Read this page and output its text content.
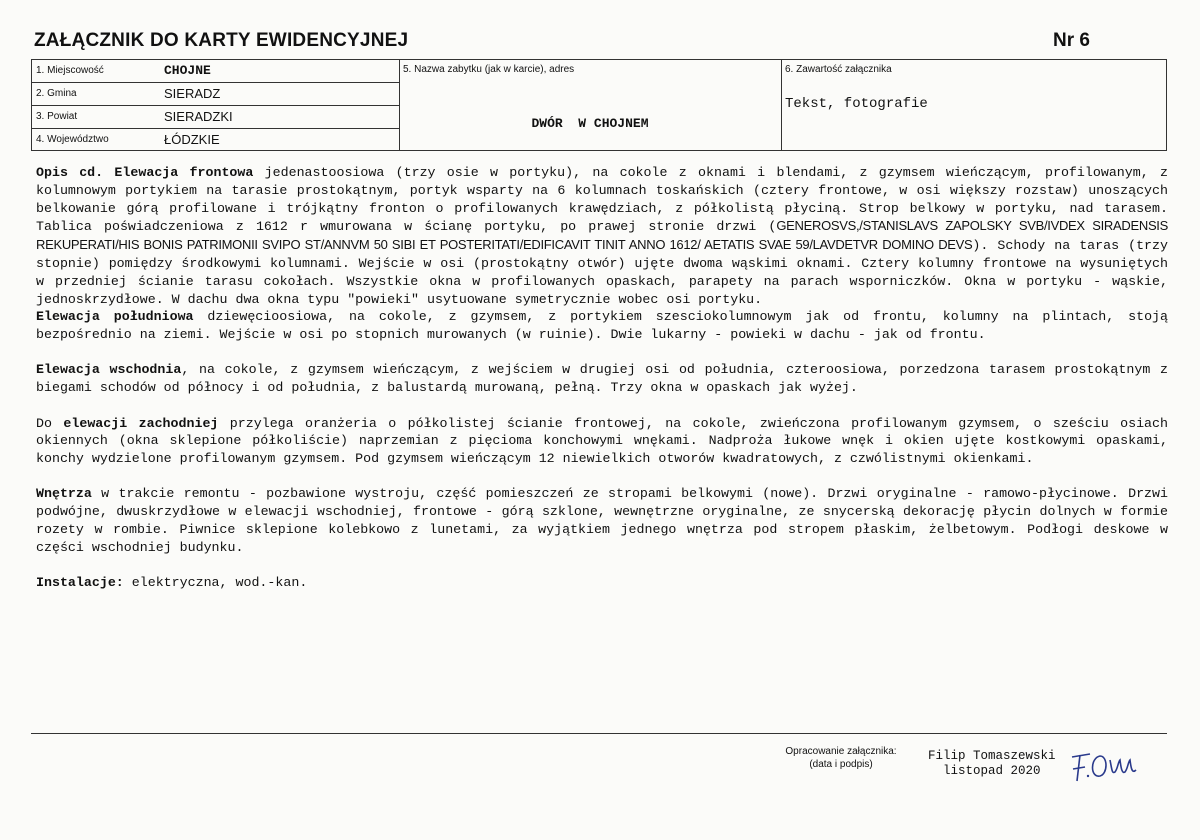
ZAŁĄCZNIK DO KARTY EWIDENCYJNEJ	Nr 6
1. Miejscowość	CHOJNE
2. Gmina	SIERADZ
3. Powiat	SIERADZKI
4. Województwo	ŁÓDZKIE
5. Nazwa zabytku (jak w karcie), adres
DWÓR  W CHOJNEM
6. Zawartość załącznika
Tekst, fotografie

Opis cd. Elewacja frontowa jedenastoosiowa (trzy osie w portyku), na cokole z oknami i blendami, z gzymsem wieńczącym, profilowanym, z kolumnowym portykiem na tarasie prostokątnym, portyk wsparty na 6 kolumnach toskańskich (cztery frontowe, w osi większy rozstaw) unoszących belkowanie górą profilowane i trójkątny fronton o profilowanych krawędziach, z półkolistą płyciną. Strop belkowy w portyku, nad tarasem. Tablica poświadczeniowa z 1612 r wmurowana w ścianę portyku, po prawej stronie drzwi (GENEROSVS,/STANISLAVS ZAPOLSKY SVB/IVDEX SIRADENSIS REKUPERATI/HIS BONIS PATRIMONII SVIPO ST/ANNVM 50 SIBI ET POSTERITATI/EDIFICAVIT TINIT ANNO 1612/ AETATIS SVAE 59/LAVDETVR DOMINO DEVS). Schody na taras (trzy stopnie) pomiędzy środkowymi kolumnami. Wejście w osi (prostokątny otwór) ujęte dwoma wąskimi oknami. Cztery kolumny frontowe na wysuniętych w przedniej ścianie tarasu cokołach. Wszystkie okna w profilowanych opaskach, parapety na parach wsporniczków. Okna w portyku - wąskie, jednoskrzydłowe. W dachu dwa okna typu "powieki" usytuowane symetrycznie wobec osi portyku.

Elewacja południowa dziewęcioosiowa, na cokole, z gzymsem, z portykiem szesciokolumnowym jak od frontu, kolumny na plintach, stoją bezpośrednio na ziemi. Wejście w osi po stopnich murowanych (w ruinie). Dwie lukarny - powieki w dachu - jak od frontu.

Elewacja wschodnia, na cokole, z gzymsem wieńczącym, z wejściem w drugiej osi od południa, czteroosiowa, porzedzona tarasem prostokątnym z biegami schodów od północy i od południa, z balustardą murowaną, pełną. Trzy okna w opaskach jak wyżej.

Do elewacji zachodniej przylega oranżeria o półkolistej ścianie frontowej, na cokole, zwieńczona profilowanym gzymsem, o sześciu osiach okiennych (okna sklepione półkoliście) naprzemian z pięcioma konchowymi wnękami. Nadproża łukowe wnęk i okien ujęte kostkowymi opaskami, konchy wydzielone profilowanym gzymsem. Pod gzymsem wieńczącym 12 niewielkich otworów kwadratowych, z czwólistnymi okienkami.

Wnętrza w trakcie remontu - pozbawione wystroju, część pomieszczeń ze stropami belkowymi (nowe). Drzwi oryginalne - ramowo-płycinowe. Drzwi podwójne, dwuskrzydłowe w elewacji wschodniej, frontowe - górą szklone, wewnętrzne oryginalne, ze snycerską dekorację płycin dolnych w formie rozety w rombie. Piwnice sklepione kolebkowo z lunetami, za wyjątkiem jednego wnętrza pod stropem płaskim, żelbetowym. Podłogi deskowe w części wschodniej budynku.

Instalacje: elektryczna, wod.-kan.

Opracowanie załącznika:
(data i podpis)
Filip Tomaszewski
listopad 2020
